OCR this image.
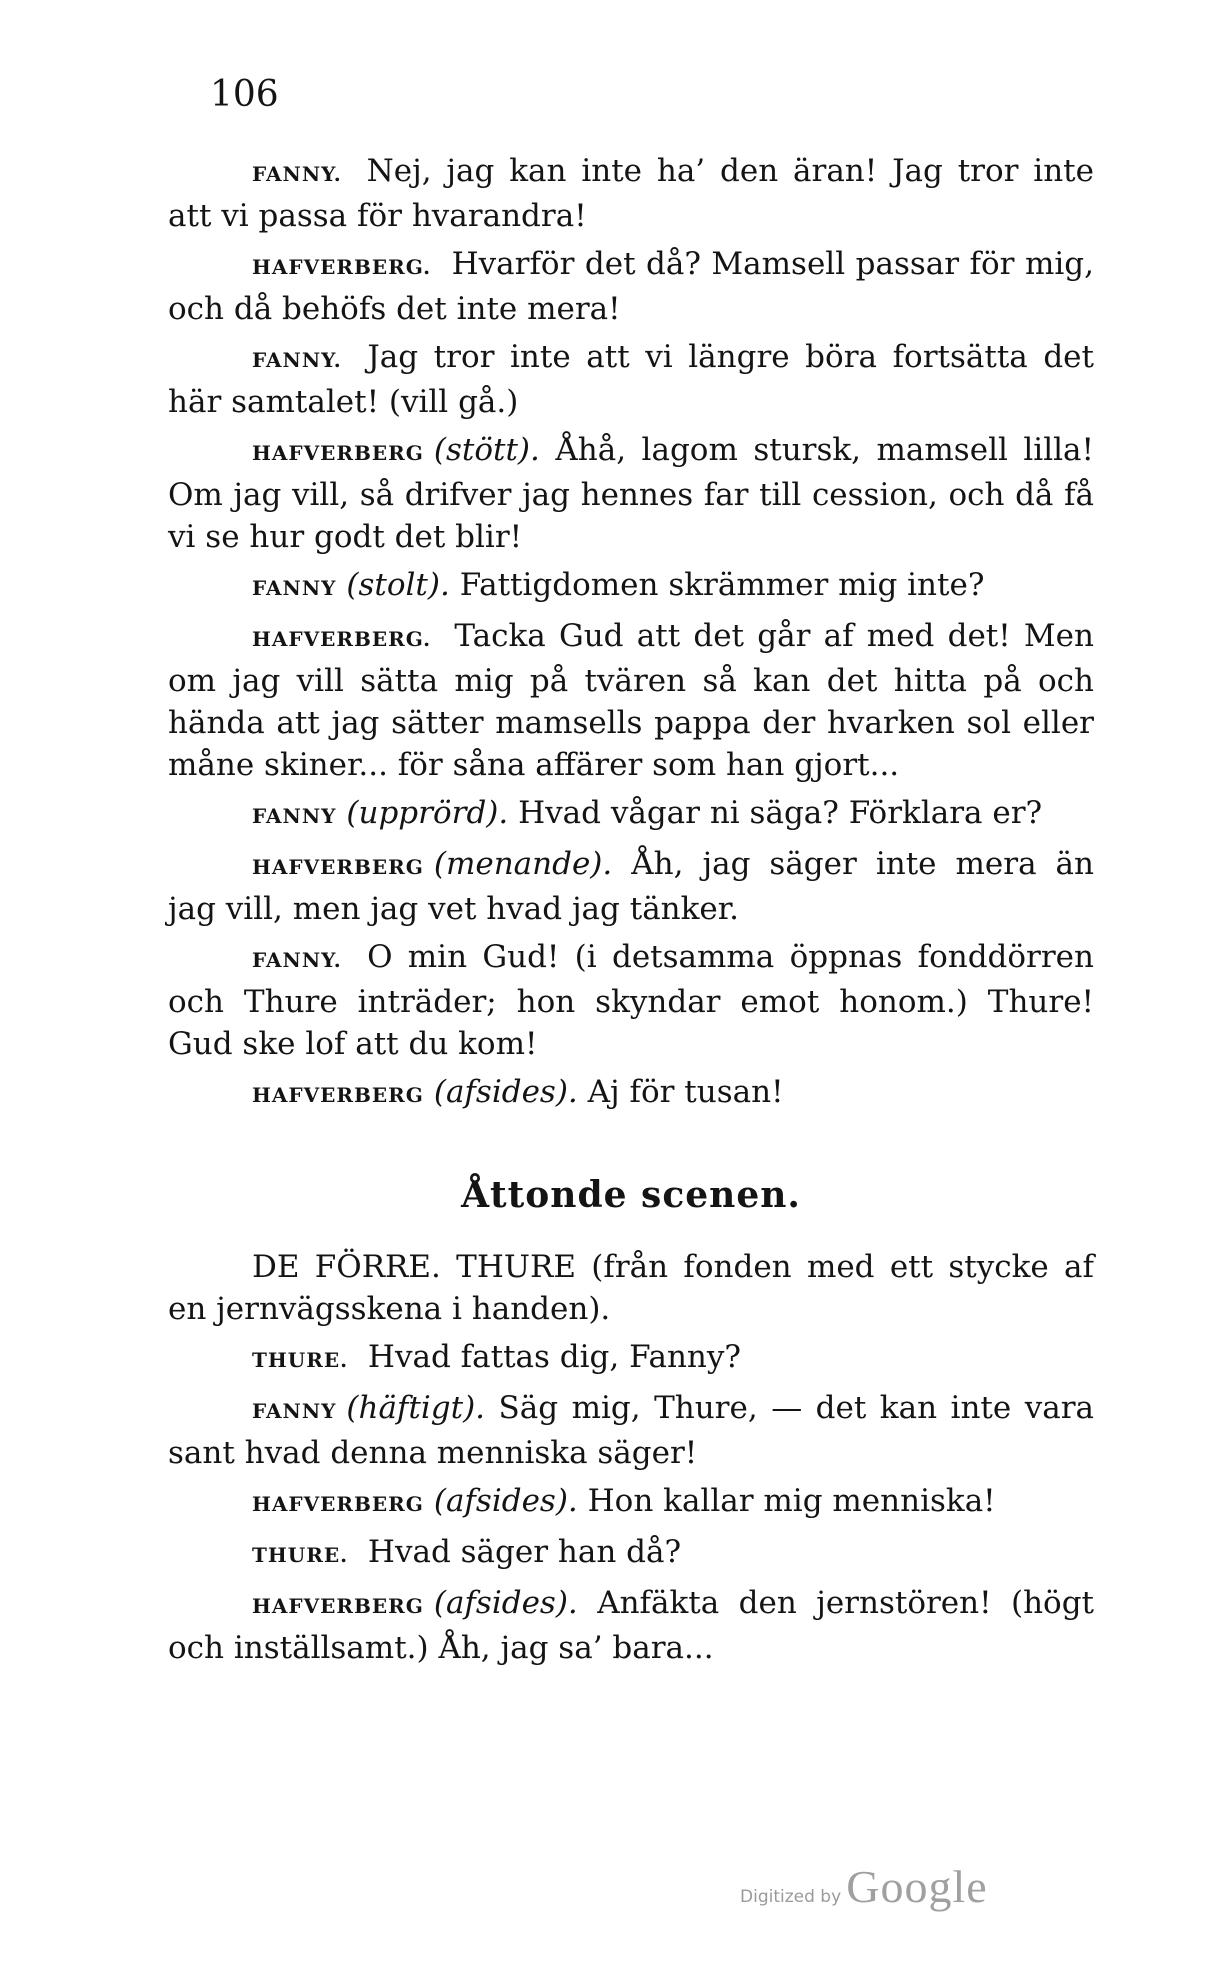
106

FANNY. Nej, jag kan inte ha’ den äran! Jag tror inte att vi passa för hvarandra!

HAFVERBERG. Hvarför det då? Mamsell passar för mig, och då behöfs det inte mera!

FANNY. Jag tror inte att vi längre böra fortsätta det här samtalet! (vill gå.)

HAFVERBERG (stött). Åhå, lagom stursk, mamsell lilla! Om jag vill, så drifver jag hennes far till cession, och då få vi se hur godt det blir!

FANNY (stolt). Fattigdomen skrämmer mig inte?

HAFVERBERG. Tacka Gud att det går af med det! Men om jag vill sätta mig på tvären så kan det hitta på och hända att jag sätter mamsells pappa der hvarken sol eller måne skiner... för såna affärer som han gjort...

FANNY (upprörd). Hvad vågar ni säga? Förklara er?

HAFVERBERG (menande). Åh, jag säger inte mera än jag vill, men jag vet hvad jag tänker.

FANNY. O min Gud! (i detsamma öppnas fonddörren och Thure inträder; hon skyndar emot honom.) Thure! Gud ske lof att du kom!

HAFVERBERG (afsides). Aj för tusan!

Åttonde scenen.

DE FÖRRE. THURE (från fonden med ett stycke af en jernvägsskena i handen).

THURE. Hvad fattas dig, Fanny?

FANNY (häftigt). Säg mig, Thure, — det kan inte vara sant hvad denna menniska säger!

HAFVERBERG (afsides). Hon kallar mig menniska!

THURE. Hvad säger han då?

HAFVERBERG (afsides). Anfäkta den jernstören! (högt och inställsamt.) Åh, jag sa’ bara...

Digitized by Google
